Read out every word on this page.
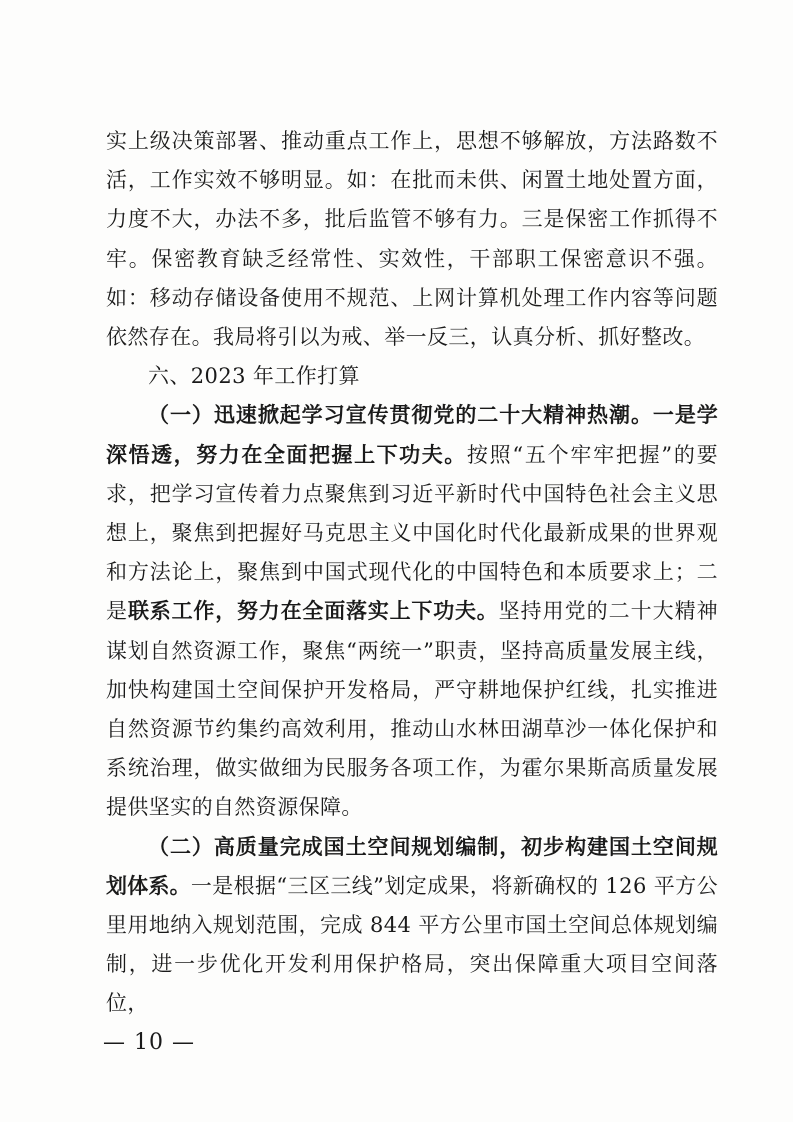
实上级决策部署、推动重点工作上，思想不够解放，方法路数不活，工作实效不够明显。如：在批而未供、闲置土地处置方面，力度不大，办法不多，批后监管不够有力。三是保密工作抓得不牢。保密教育缺乏经常性、实效性，干部职工保密意识不强。如：移动存储设备使用不规范、上网计算机处理工作内容等问题依然存在。我局将引以为戒、举一反三，认真分析、抓好整改。

六、2023 年工作打算

（一）迅速掀起学习宣传贯彻党的二十大精神热潮。一是学深悟透，努力在全面把握上下功夫。按照“五个牢牢把握”的要求，把学习宣传着力点聚焦到习近平新时代中国特色社会主义思想上，聚焦到把握好马克思主义中国化时代化最新成果的世界观和方法论上，聚焦到中国式现代化的中国特色和本质要求上；二是联系工作，努力在全面落实上下功夫。坚持用党的二十大精神谋划自然资源工作，聚焦“两统一”职责，坚持高质量发展主线，加快构建国土空间保护开发格局，严守耕地保护红线，扎实推进自然资源节约集约高效利用，推动山水林田湖草沙一体化保护和系统治理，做实做细为民服务各项工作，为霍尔果斯高质量发展提供坚实的自然资源保障。

（二）高质量完成国土空间规划编制，初步构建国土空间规划体系。一是根据“三区三线”划定成果，将新确权的 126 平方公里用地纳入规划范围，完成 844 平方公里市国土空间总体规划编制，进一步优化开发利用保护格局，突出保障重大项目空间落位，

— 10 —
